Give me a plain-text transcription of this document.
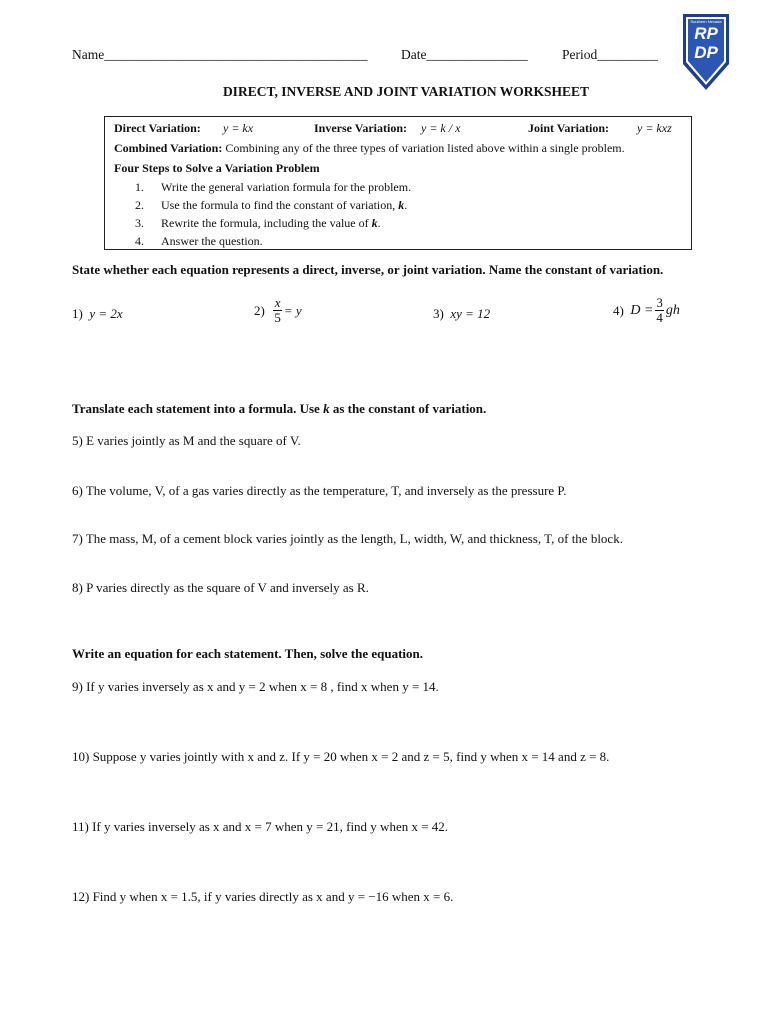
Name_______________________________________ Date_______________	Period_________
RP
DP
Southern Nevada
DIRECT, INVERSE AND JOINT VARIATION WORKSHEET
Direct Variation: y = kx	Inverse Variation: y = k / x	Joint Variation: y = kxz
Combined Variation: Combining any of the three types of variation listed above within a single problem.
Four Steps to Solve a Variation Problem
1. Write the general variation formula for the problem.
2. Use the formula to find the constant of variation, k.
3. Rewrite the formula, including the value of k.
4. Answer the question.
State whether each equation represents a direct, inverse, or joint variation. Name the constant of variation.
1) y = 2x	$2) \frac{x}{5} = y$	3) xy = 12	4) $D = \frac{3}{4}$ gh
Translate each statement into a formula. Use k as the constant of variation.
5) E varies jointly as M and the square of V.
6) The volume, V, of a gas varies directly as the temperature, T, and inversely as the pressure P.
7) The mass, M, of a cement block varies jointly as the length, L, width, W, and thickness, T, of the block.
8) P varies directly as the square of V and inversely as R.
Write an equation for each statement. Then, solve the equation.
9) If y varies inversely as x and y = 2 when x = 8 , find x when y = 14.
10) Suppose y varies jointly with x and z. If y = 20 when x = 2 and z = 5, find y when x = 14 and z = 8.
11) If y varies inversely as x and x = 7 when y = 21, find y when x = 42.
12) Find y when x = 1.5, if y varies directly as x and y = −16 when x = 6.
